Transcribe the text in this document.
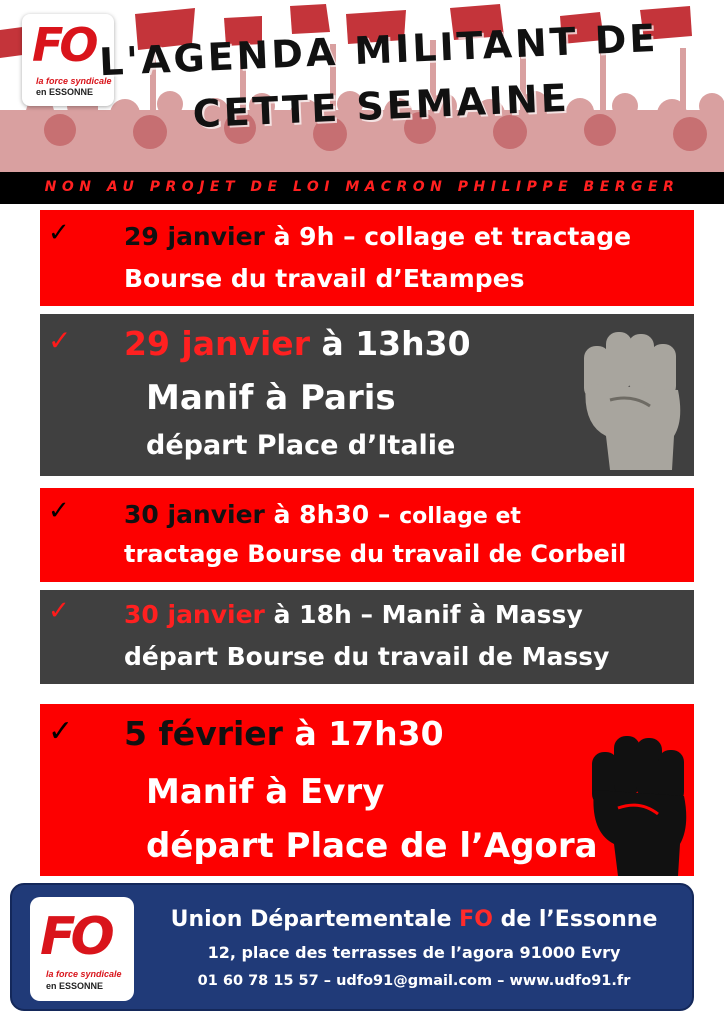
FO
la force syndicale
en ESSONNE
L'AGENDA MILITANT DE
CETTE SEMAINE
NON AU PROJET DE LOI MACRON PHILIPPE BERGER
✓ 29 janvier à 9h – collage et tractage
Bourse du travail d’Etampes
✓ 29 janvier à 13h30
Manif à Paris
départ Place d’Italie
✓ 30 janvier à 8h30 – collage et
tractage Bourse du travail de Corbeil
✓ 30 janvier à 18h – Manif à Massy
départ Bourse du travail de Massy
✓ 5 février à 17h30
Manif à Evry
départ Place de l’Agora
FO
la force syndicale
en ESSONNE
Union Départementale FO de l’Essonne
12, place des terrasses de l’agora 91000 Evry
01 60 78 15 57 – udfo91@gmail.com – www.udfo91.fr
